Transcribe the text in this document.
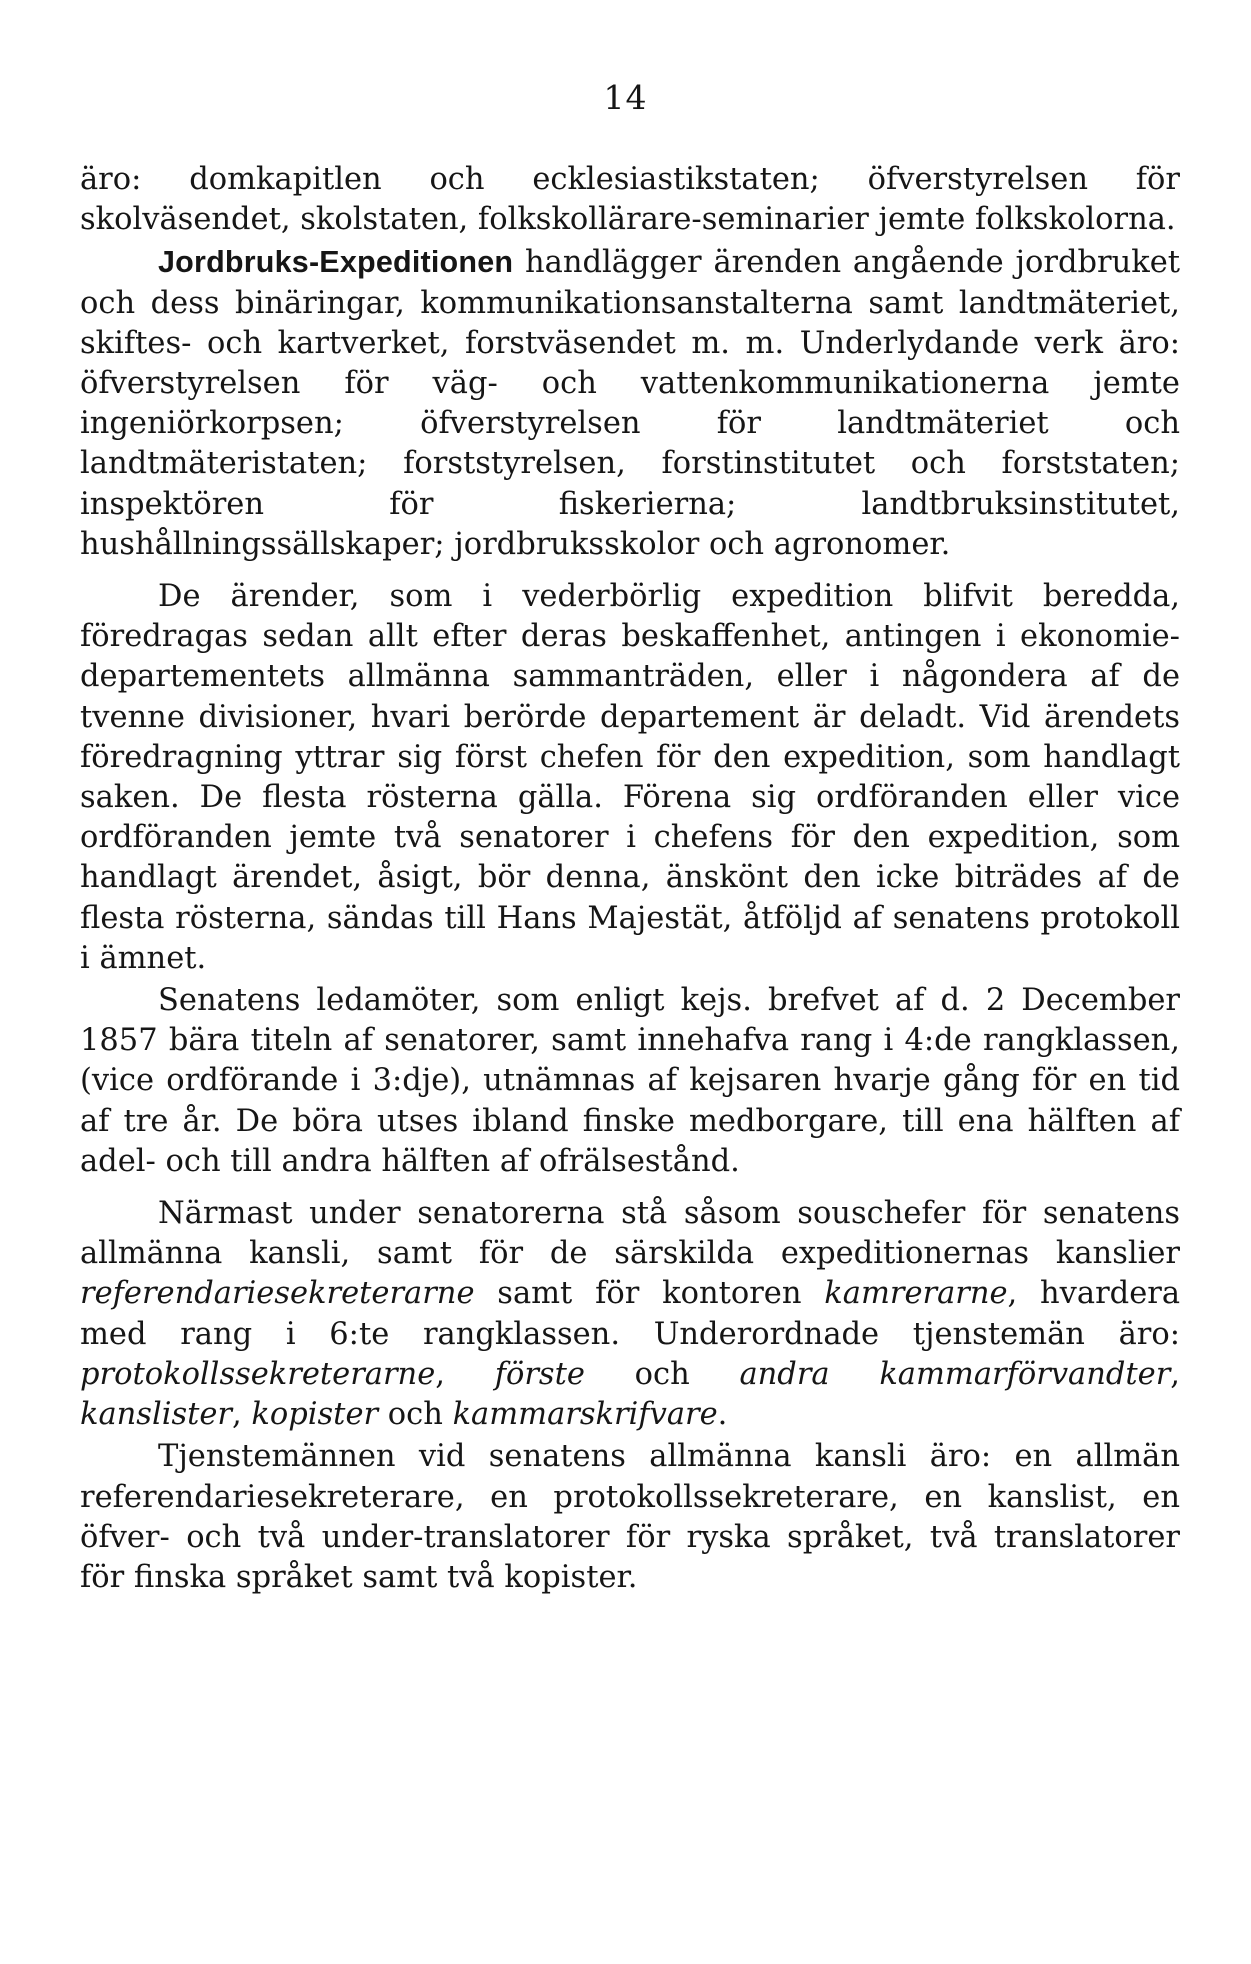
14

äro: domkapitlen och ecklesiastikstaten; öfverstyrelsen för skolväsendet, skolstaten, folkskollärare-seminarier jemte folkskolorna.

Jordbruks-Expeditionen handlägger ärenden angående jordbruket och dess binäringar, kommunikationsanstalterna samt landtmäteriet, skiftes- och kartverket, forstväsendet m. m. Underlydande verk äro: öfverstyrelsen för väg- och vattenkommunikationerna jemte ingeniörkorpsen; öfverstyrelsen för landtmäteriet och landtmäteristaten; forststyrelsen, forstinstitutet och forststaten; inspektören för fiskerierna; landtbruksinstitutet, hushållningssällskaper; jordbruksskolor och agronomer.

De ärender, som i vederbörlig expedition blifvit beredda, föredragas sedan allt efter deras beskaffenhet, antingen i ekonomie-departementets allmänna sammanträden, eller i någondera af de tvenne divisioner, hvari berörde departement är deladt. Vid ärendets föredragning yttrar sig först chefen för den expedition, som handlagt saken. De flesta rösterna gälla. Förena sig ordföranden eller vice ordföranden jemte två senatorer i chefens för den expedition, som handlagt ärendet, åsigt, bör denna, änskönt den icke biträdes af de flesta rösterna, sändas till Hans Majestät, åtföljd af senatens protokoll i ämnet.

Senatens ledamöter, som enligt kejs. brefvet af d. 2 December 1857 bära titeln af senatorer, samt innehafva rang i 4:de rangklassen, (vice ordförande i 3:dje), utnämnas af kejsaren hvarje gång för en tid af tre år. De böra utses ibland finske medborgare, till ena hälften af adel- och till andra hälften af ofrälsestånd.

Närmast under senatorerna stå såsom souschefer för senatens allmänna kansli, samt för de särskilda expeditionernas kanslier referendariesekreterarne samt för kontoren kamrerarne, hvardera med rang i 6:te rangklassen. Underordnade tjenstemän äro: protokollssekreterarne, förste och andra kammarförvandter, kanslister, kopister och kammarskrifvare.

Tjenstemännen vid senatens allmänna kansli äro: en allmän referendariesekreterare, en protokollssekreterare, en kanslist, en öfver- och två under-translatorer för ryska språket, två translatorer för finska språket samt två kopister.
